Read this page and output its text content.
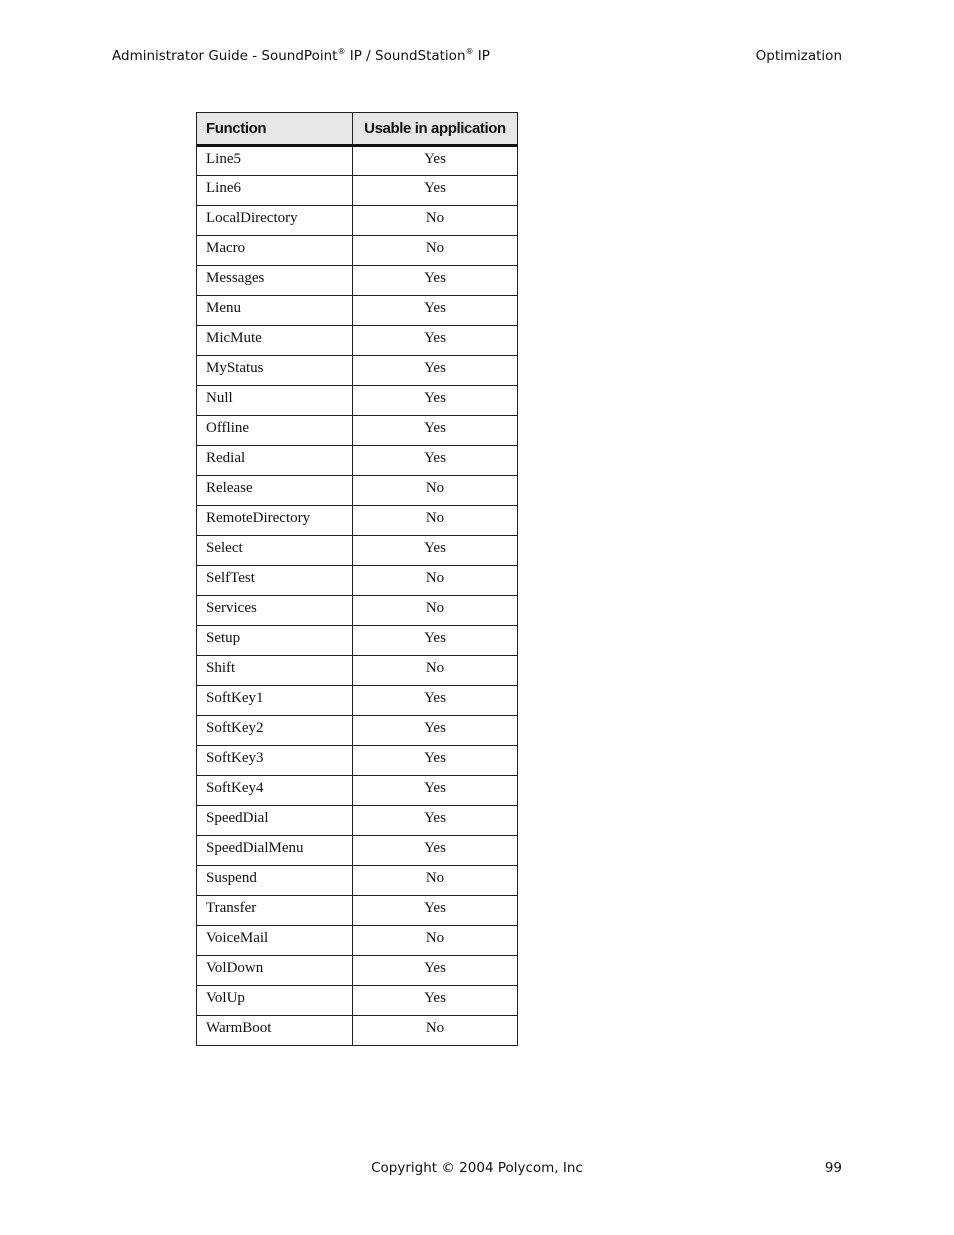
Administrator Guide - SoundPoint® IP / SoundStation® IP	Optimization
Function	Usable in application
Line5	Yes
Line6	Yes
LocalDirectory	No
Macro	No
Messages	Yes
Menu	Yes
MicMute	Yes
MyStatus	Yes
Null	Yes
Offline	Yes
Redial	Yes
Release	No
RemoteDirectory	No
Select	Yes
SelfTest	No
Services	No
Setup	Yes
Shift	No
SoftKey1	Yes
SoftKey2	Yes
SoftKey3	Yes
SoftKey4	Yes
SpeedDial	Yes
SpeedDialMenu	Yes
Suspend	No
Transfer	Yes
VoiceMail	No
VolDown	Yes
VolUp	Yes
WarmBoot	No
Copyright © 2004 Polycom, Inc	99
